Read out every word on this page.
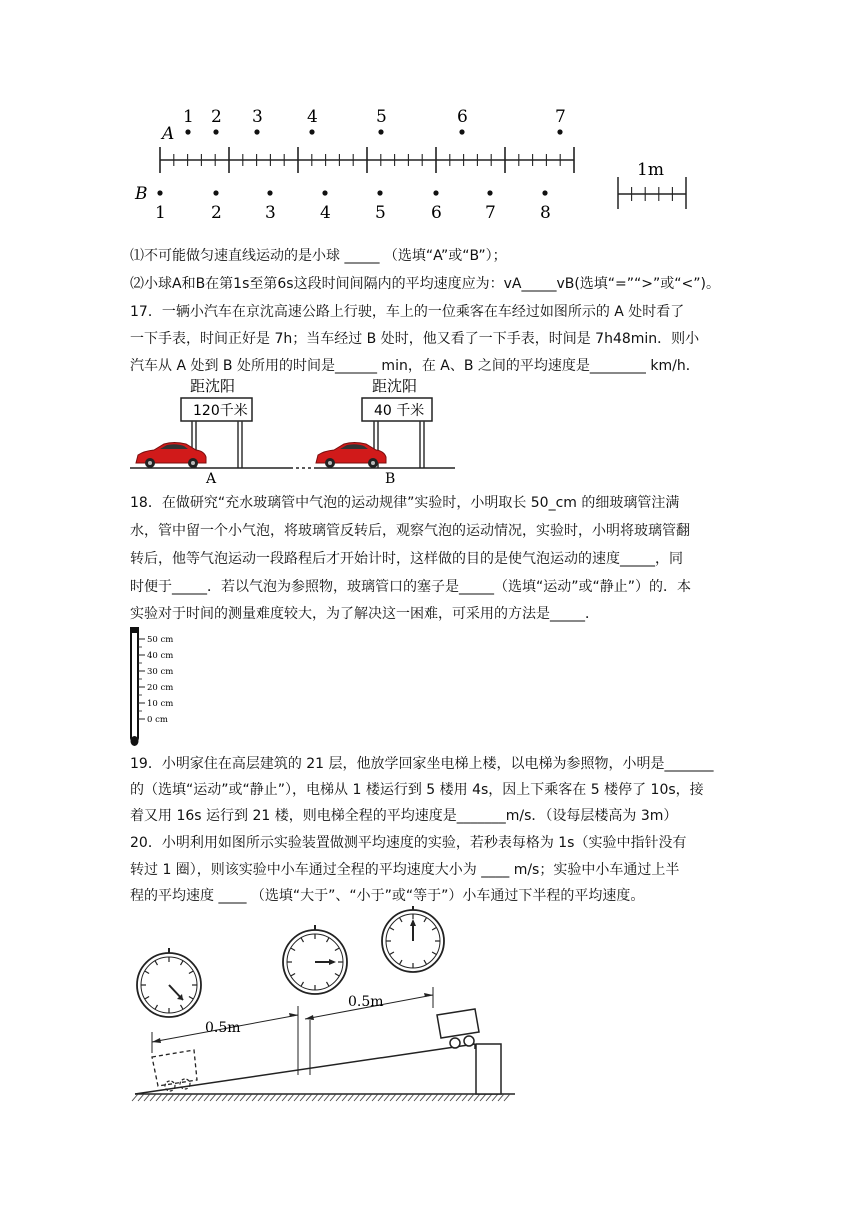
A
B
1 2 3	4	5	6	7
1	2	3	4	5	6	7	8
1m
⑴不可能做匀速直线运动的是小球 _____ （选填“A”或“B”）；
⑵小球A和B在第1s至第6s这段时间间隔内的平均速度应为：vA_____vB(选填“=”“>”或“<”)。
17．一辆小汽车在京沈高速公路上行驶，车上的一位乘客在车经过如图所示的 A 处时看了
一下手表，时间正好是 7h；当车经过 B 处时，他又看了一下手表，时间是 7h48min．则小
汽车从 A 处到 B 处所用的时间是______ min，在 A、B 之间的平均速度是________ km/h．
距沈阳
120千米
距沈阳
40 千米
A	B
18．在做研究“充水玻璃管中气泡的运动规律”实验时，小明取长 50_cm 的细玻璃管注满
水，管中留一个小气泡，将玻璃管反转后，观察气泡的运动情况，实验时，小明将玻璃管翻
转后，他等气泡运动一段路程后才开始计时，这样做的目的是使气泡运动的速度_____，同
时便于_____．若以气泡为参照物，玻璃管口的塞子是_____（选填“运动”或“静止”）的．本
实验对于时间的测量难度较大，为了解决这一困难，可采用的方法是_____．
50 cm
40 cm
30 cm
20 cm
10 cm
0 cm
19．小明家住在高层建筑的 21 层，他放学回家坐电梯上楼，以电梯为参照物，小明是_______
的（选填“运动”或“静止”），电梯从 1 楼运行到 5 楼用 4s，因上下乘客在 5 楼停了 10s，接
着又用 16s 运行到 21 楼，则电梯全程的平均速度是_______m/s．（设每层楼高为 3m）
20．小明利用如图所示实验装置做测平均速度的实验，若秒表每格为 1s（实验中指针没有
转过 1 圈），则该实验中小车通过全程的平均速度大小为 ____ m/s；实验中小车通过上半
程的平均速度 ____ （选填“大于”、“小于”或“等于”）小车通过下半程的平均速度。
0.5m
0.5m
